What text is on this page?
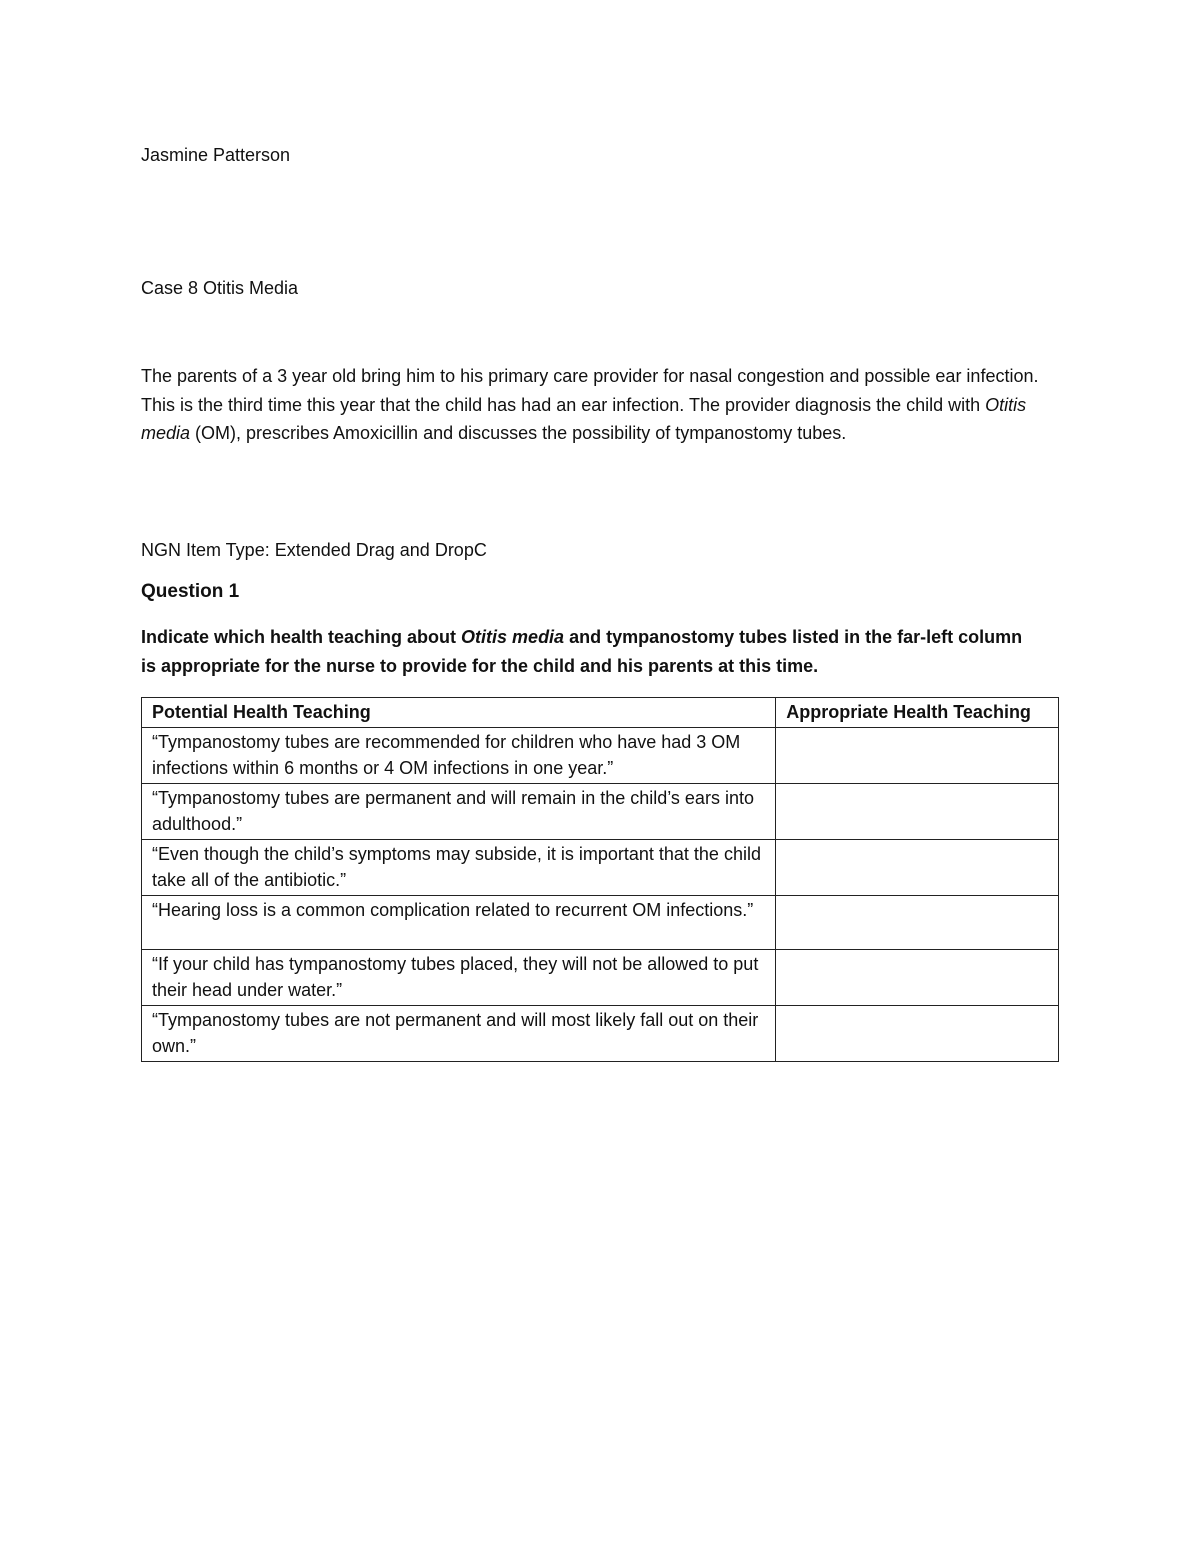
Jasmine Patterson

Case 8 Otitis Media

The parents of a 3 year old bring him to his primary care provider for nasal congestion and possible ear infection. This is the third time this year that the child has had an ear infection. The provider diagnosis the child with Otitis media (OM), prescribes Amoxicillin and discusses the possibility of tympanostomy tubes.

NGN Item Type: Extended Drag and DropC

Question 1

Indicate which health teaching about Otitis media and tympanostomy tubes listed in the far-left column is appropriate for the nurse to provide for the child and his parents at this time.

Potential Health Teaching	Appropriate Health Teaching
“Tympanostomy tubes are recommended for children who have had 3 OM infections within 6 months or 4 OM infections in one year.”	
“Tympanostomy tubes are permanent and will remain in the child’s ears into adulthood.”	
“Even though the child’s symptoms may subside, it is important that the child take all of the antibiotic.”	
“Hearing loss is a common complication related to recurrent OM infections.”	
“If your child has tympanostomy tubes placed, they will not be allowed to put their head under water.”	
“Tympanostomy tubes are not permanent and will most likely fall out on their own.”	
